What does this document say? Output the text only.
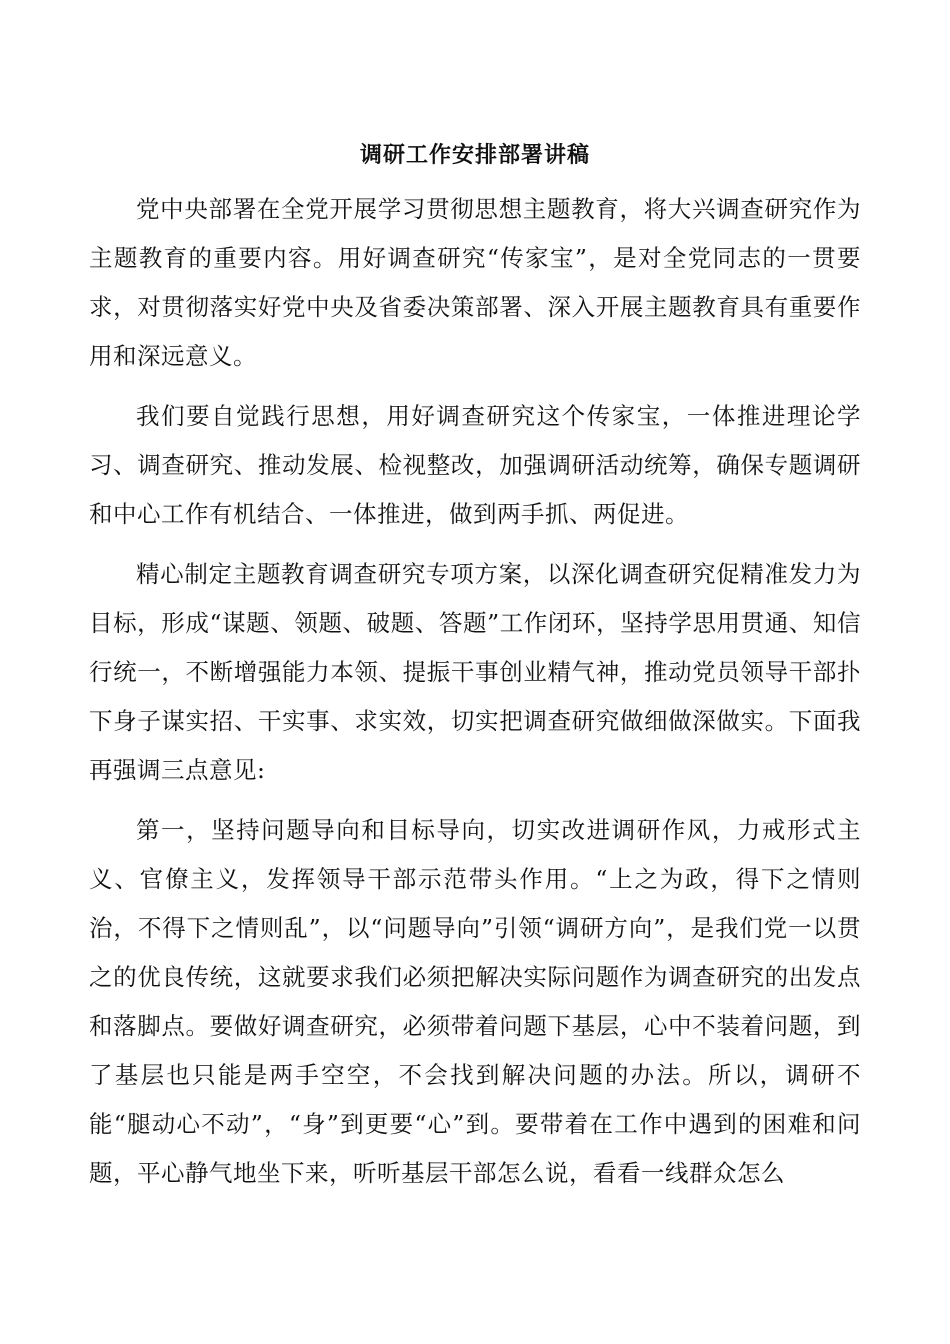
调研工作安排部署讲稿

党中央部署在全党开展学习贯彻思想主题教育，将大兴调查研究作为主题教育的重要内容。用好调查研究“传家宝”，是对全党同志的一贯要求，对贯彻落实好党中央及省委决策部署、深入开展主题教育具有重要作用和深远意义。

我们要自觉践行思想，用好调查研究这个传家宝，一体推进理论学习、调查研究、推动发展、检视整改，加强调研活动统筹，确保专题调研和中心工作有机结合、一体推进，做到两手抓、两促进。

精心制定主题教育调查研究专项方案，以深化调查研究促精准发力为目标，形成“谋题、领题、破题、答题”工作闭环，坚持学思用贯通、知信行统一，不断增强能力本领、提振干事创业精气神，推动党员领导干部扑下身子谋实招、干实事、求实效，切实把调查研究做细做深做实。下面我再强调三点意见:

第一，坚持问题导向和目标导向，切实改进调研作风，力戒形式主义、官僚主义，发挥领导干部示范带头作用。“上之为政，得下之情则治，不得下之情则乱”，以“问题导向”引领“调研方向”，是我们党一以贯之的优良传统，这就要求我们必须把解决实际问题作为调查研究的出发点和落脚点。要做好调查研究，必须带着问题下基层，心中不装着问题，到了基层也只能是两手空空，不会找到解决问题的办法。所以，调研不能“腿动心不动”，“身”到更要“心”到。要带着在工作中遇到的困难和问题，平心静气地坐下来，听听基层干部怎么说，看看一线群众怎么
